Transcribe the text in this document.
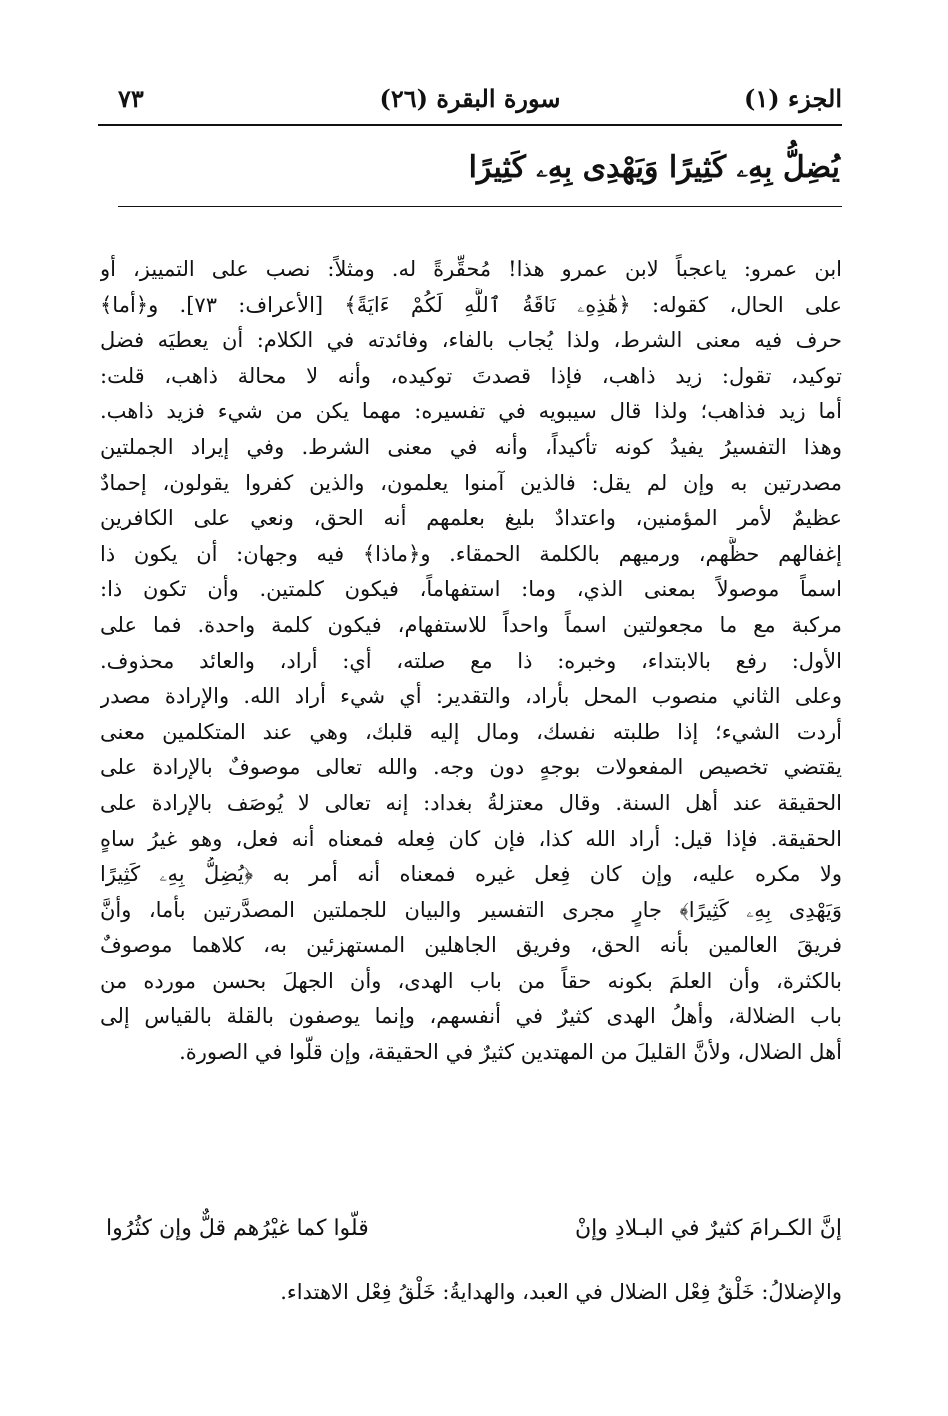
الجزء (١)
سورة البقرة (٢٦)
٧٣
يُضِلُّ بِهِۦ كَثِيرًا وَيَهْدِى بِهِۦ كَثِيرًا
ابن عمرو: ياعجباً لابن عمرو هذا! مُحقِّرةً له. ومثلاً: نصب على التمييز، أو
على الحال، كقوله: ﴿هَٰذِهِۦ نَاقَةُ ٱللَّهِ لَكُمْ ءَايَةً﴾ [الأعراف: ٧٣]. و﴿أما﴾
حرف فيه معنى الشرط، ولذا يُجاب بالفاء، وفائدته في الكلام: أن يعطيَه فضل
توكيد، تقول: زيد ذاهب، فإذا قصدتَ توكيده، وأنه لا محالة ذاهب، قلت:
أما زيد فذاهب؛ ولذا قال سيبويه في تفسيره: مهما يكن من شيء فزيد ذاهب.
وهذا التفسيرُ يفيدُ كونه تأكيداً، وأنه في معنى الشرط. وفي إيراد الجملتين
مصدرتين به وإن لم يقل: فالذين آمنوا يعلمون، والذين كفروا يقولون، إحمادٌ
عظيمٌ لأمر المؤمنين، واعتدادٌ بليغ بعلمهم أنه الحق، ونعي على الكافرين
إغفالهم حظَّهم، ورميهم بالكلمة الحمقاء. و﴿ماذا﴾ فيه وجهان: أن يكون ذا
اسماً موصولاً بمعنى الذي، وما: استفهاماً، فيكون كلمتين. وأن تكون ذا:
مركبة مع ما مجعولتين اسماً واحداً للاستفهام، فيكون كلمة واحدة. فما على
الأول: رفع بالابتداء، وخبره: ذا مع صلته، أي: أراد، والعائد محذوف.
وعلى الثاني منصوب المحل بأراد، والتقدير: أي شيء أراد الله. والإرادة مصدر
أردت الشيء؛ إذا طلبته نفسك، ومال إليه قلبك، وهي عند المتكلمين معنى
يقتضي تخصيص المفعولات بوجهٍ دون وجه. والله تعالى موصوفٌ بالإرادة على
الحقيقة عند أهل السنة. وقال معتزلةُ بغداد: إنه تعالى لا يُوصَف بالإرادة على
الحقيقة. فإذا قيل: أراد الله كذا، فإن كان فِعله فمعناه أنه فعل، وهو غيرُ ساهٍ
ولا مكره عليه، وإن كان فِعل غيره فمعناه أنه أمر به ﴿يُضِلُّ بِهِۦ كَثِيرًا
وَيَهْدِى بِهِۦ كَثِيرًا﴾ جارٍ مجرى التفسير والبيان للجملتين المصدَّرتين بأما، وأنَّ
فريقَ العالمين بأنه الحق، وفريق الجاهلين المستهزئين به، كلاهما موصوفٌ
بالكثرة، وأن العلمَ بكونه حقاً من باب الهدى، وأن الجهلَ بحسن مورده من
باب الضلالة، وأهلُ الهدى كثيرٌ في أنفسهم، وإنما يوصفون بالقلة بالقياس إلى
أهل الضلال، ولأنَّ القليلَ من المهتدين كثيرٌ في الحقيقة، وإن قلّوا في الصورة.
إنَّ الكـرامَ كثيرٌ في البـلادِ وإنْ
قلّوا كما غيْرُهم قلٌّ وإن كثُرُوا
والإضلالُ: خَلْقُ فِعْل الضلال في العبد، والهدايةُ: خَلْقُ فِعْل الاهتداء.
